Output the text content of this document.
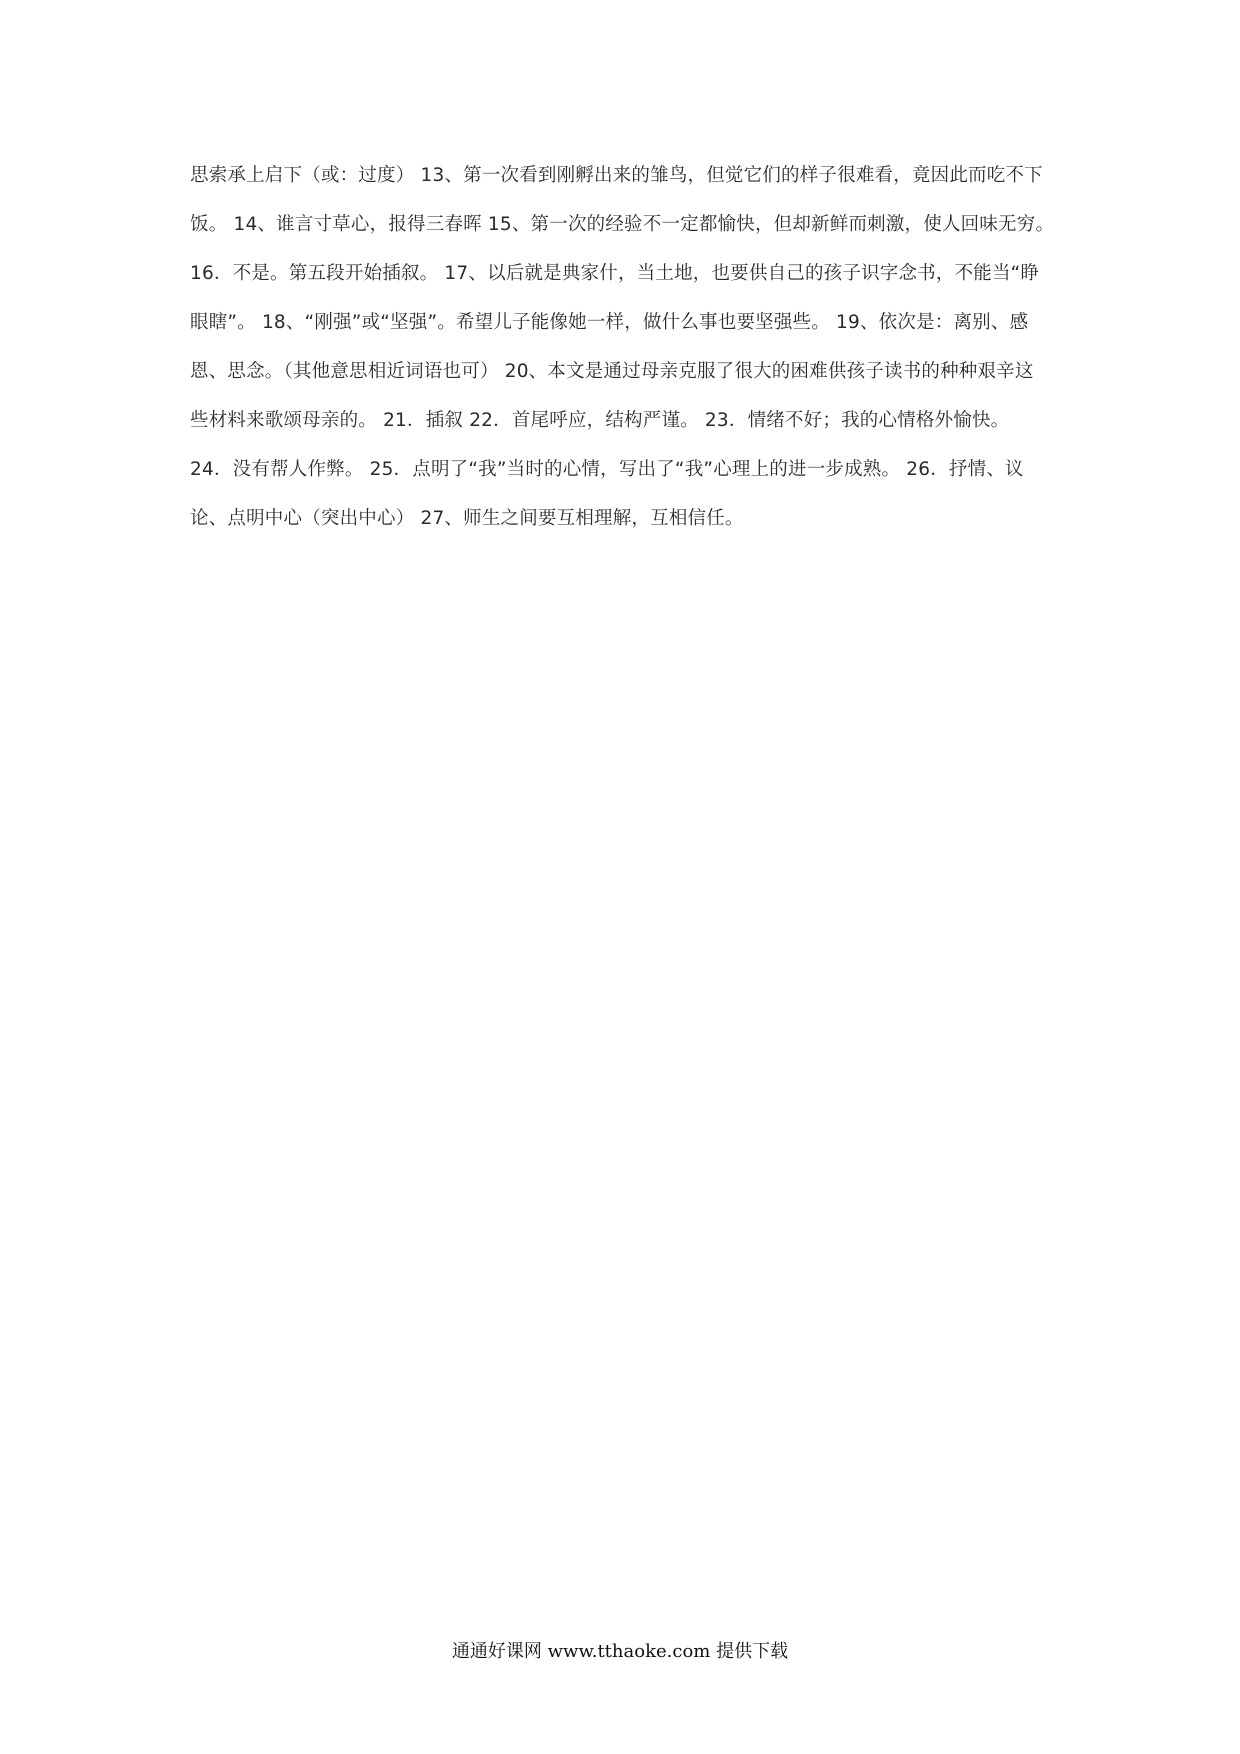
思索承上启下（或：过度） 13、第一次看到刚孵出来的雏鸟，但觉它们的样子很难看，竟因此而吃不下
饭。 14、谁言寸草心，报得三春晖 15、第一次的经验不一定都愉快，但却新鲜而刺激，使人回味无穷。
16．不是。第五段开始插叙。 17、以后就是典家什，当土地，也要供自己的孩子识字念书，不能当“睁
眼瞎”。 18、“刚强”或“坚强”。希望儿子能像她一样，做什么事也要坚强些。 19、依次是：离别、感
恩、思念。（其他意思相近词语也可） 20、本文是通过母亲克服了很大的困难供孩子读书的种种艰辛这
些材料来歌颂母亲的。 21．插叙 22．首尾呼应，结构严谨。 23．情绪不好；我的心情格外愉快。
24．没有帮人作弊。 25．点明了“我”当时的心情，写出了“我”心理上的进一步成熟。 26．抒情、议
论、点明中心（突出中心） 27、师生之间要互相理解，互相信任。
通通好课网 www.tthaoke.com 提供下载
